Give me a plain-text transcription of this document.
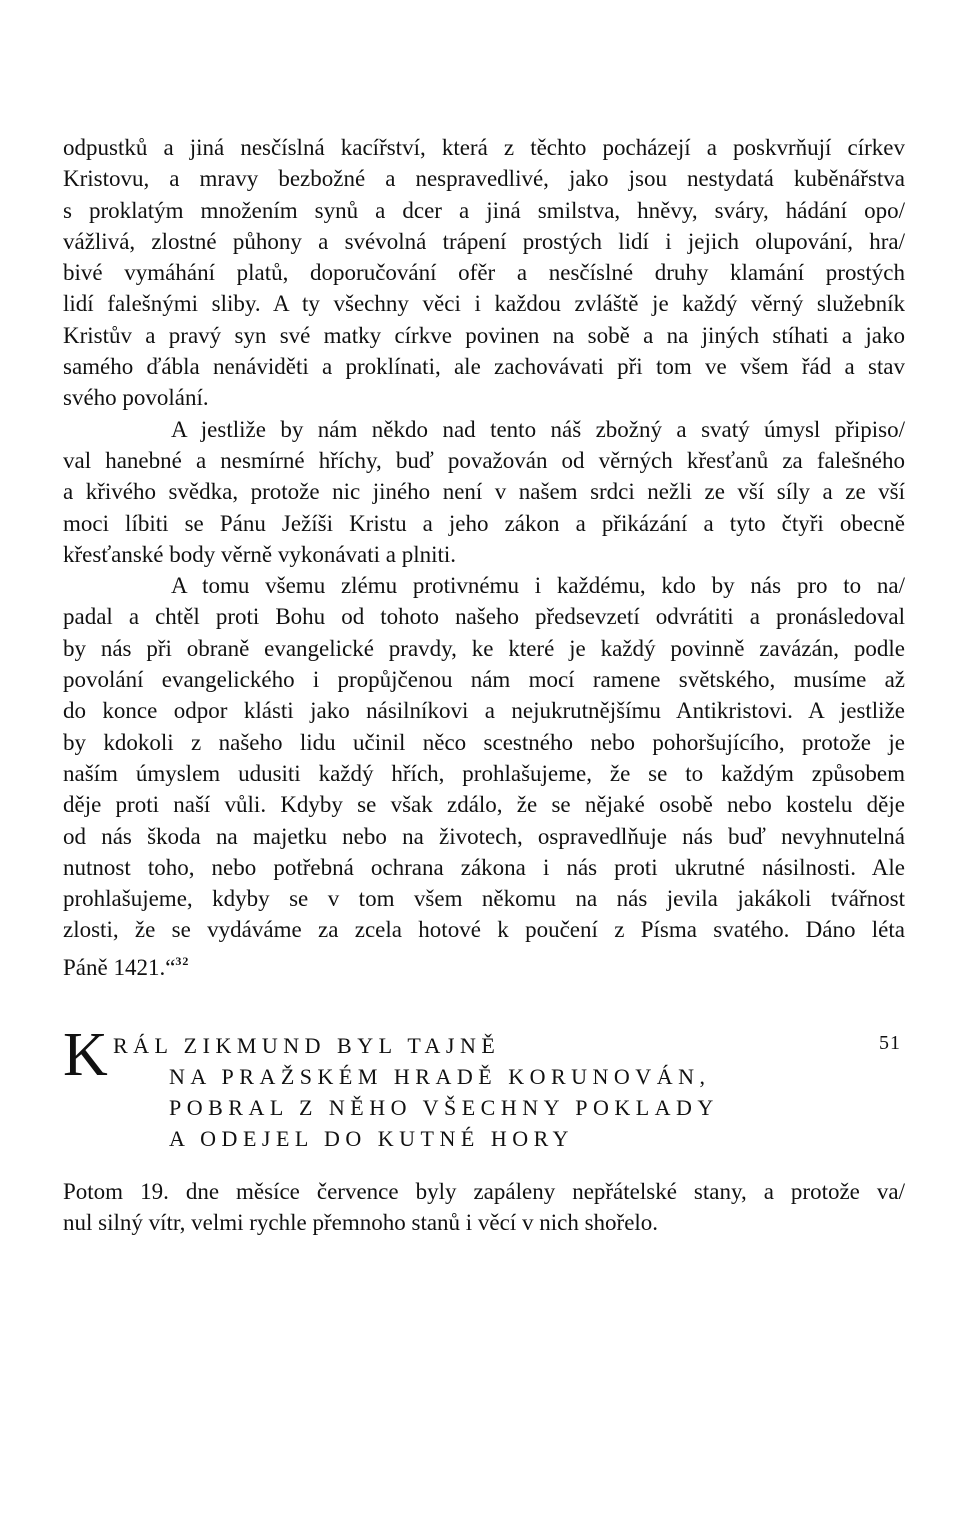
odpustků a jiná nesčíslná kacířství, která z těchto pocházejí a poskvrňují církev
Kristovu, a mravy bezbožné a nespravedlivé, jako jsou nestydatá kuběnářstva
s proklatým množením synů a dcer a jiná smilstva, hněvy, sváry, hádání opo/
vážlivá, zlostné půhony a svévolná trápení prostých lidí i jejich olupování, hra/
bivé vymáhání platů, doporučování ofěr a nesčíslné druhy klamání prostých
lidí falešnými sliby. A ty všechny věci i každou zvláště je každý věrný služebník
Kristův a pravý syn své matky církve povinen na sobě a na jiných stíhati a jako
samého ďábla nenáviděti a proklínati, ale zachovávati při tom ve všem řád a stav
svého povolání.
A jestliže by nám někdo nad tento náš zbožný a svatý úmysl připiso/
val hanebné a nesmírné hříchy, buď považován od věrných křesťanů za falešného
a křivého svědka, protože nic jiného není v našem srdci nežli ze vší síly a ze vší
moci líbiti se Pánu Ježíši Kristu a jeho zákon a přikázání a tyto čtyři obecně
křesťanské body věrně vykonávati a plniti.
A tomu všemu zlému protivnému i každému, kdo by nás pro to na/
padal a chtěl proti Bohu od tohoto našeho předsevzetí odvrátiti a pronásledoval
by nás při obraně evangelické pravdy, ke které je každý povinně zavázán, podle
povolání evangelického i propůjčenou nám mocí ramene světského, musíme až
do konce odpor klásti jako násilníkovi a nejukrutnějšímu Antikristovi. A jestliže
by kdokoli z našeho lidu učinil něco scestného nebo pohoršujícího, protože je
naším úmyslem udusiti každý hřích, prohlašujeme, že se to každým způsobem
děje proti naší vůli. Kdyby se však zdálo, že se nějaké osobě nebo kostelu děje
od nás škoda na majetku nebo na životech, ospravedlňuje nás buď nevyhnutelná
nutnost toho, nebo potřebná ochrana zákona i nás proti ukrutné násilnosti. Ale
prohlašujeme, kdyby se v tom všem někomu na nás jevila jakákoli tvářnost
zlosti, že se vydáváme za zcela hotové k poučení z Písma svatého. Dáno léta
Páně 1421.“$^{32}$
K RÁL ZIKMUND BYL TAJNĚ
NA PRAŽSKÉM HRADĚ KORUNOVÁN,
POBRAL Z NĚHO VŠECHNY POKLADY
A ODEJEL DO KUTNÉ HORY
51
Potom 19. dne měsíce července byly zapáleny nepřátelské stany, a protože va/
nul silný vítr, velmi rychle přemnoho stanů i věcí v nich shořelo.
